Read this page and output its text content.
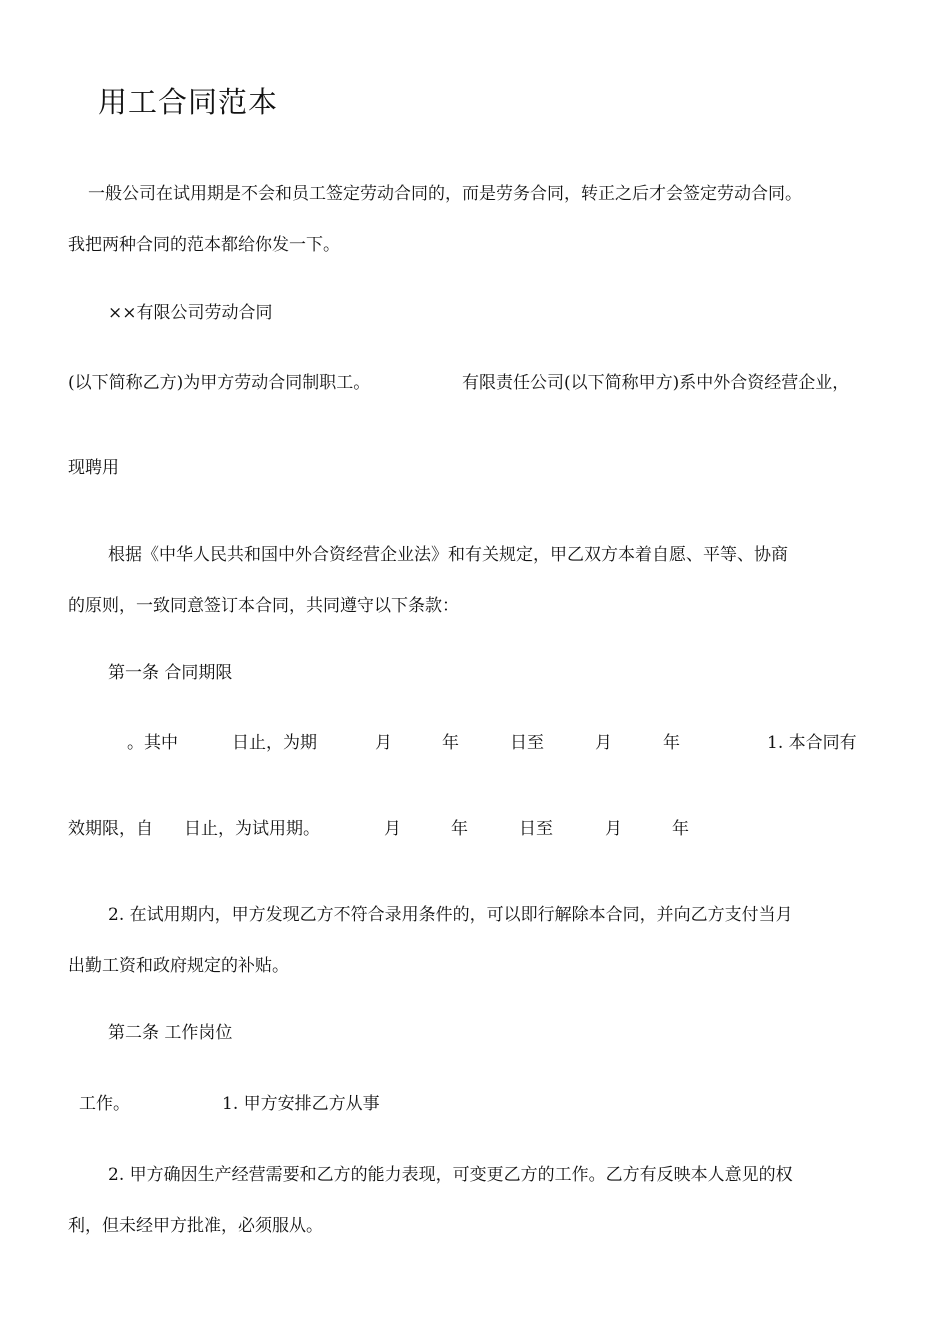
用工合同范本
一般公司在试用期是不会和员工签定劳动合同的，而是劳务合同，转正之后才会签定劳动合同。
我把两种合同的范本都给你发一下。
××有限公司劳动合同
(以下简称乙方)为甲方劳动合同制职工。	有限责任公司(以下简称甲方)系中外合资经营企业，
现聘用
根据《中华人民共和国中外合资经营企业法》和有关规定，甲乙双方本着自愿、平等、协商
的原则，一致同意签订本合同，共同遵守以下条款：
第一条 合同期限
。其中	日止，为期	月	年	日至	月	年	1. 本合同有
效期限，自 日止，为试用期。	月	年	日至	月	年
2. 在试用期内，甲方发现乙方不符合录用条件的，可以即行解除本合同，并向乙方支付当月
出勤工资和政府规定的补贴。
第二条 工作岗位
工作。	1. 甲方安排乙方从事
2. 甲方确因生产经营需要和乙方的能力表现，可变更乙方的工作。乙方有反映本人意见的权
利，但未经甲方批准，必须服从。
